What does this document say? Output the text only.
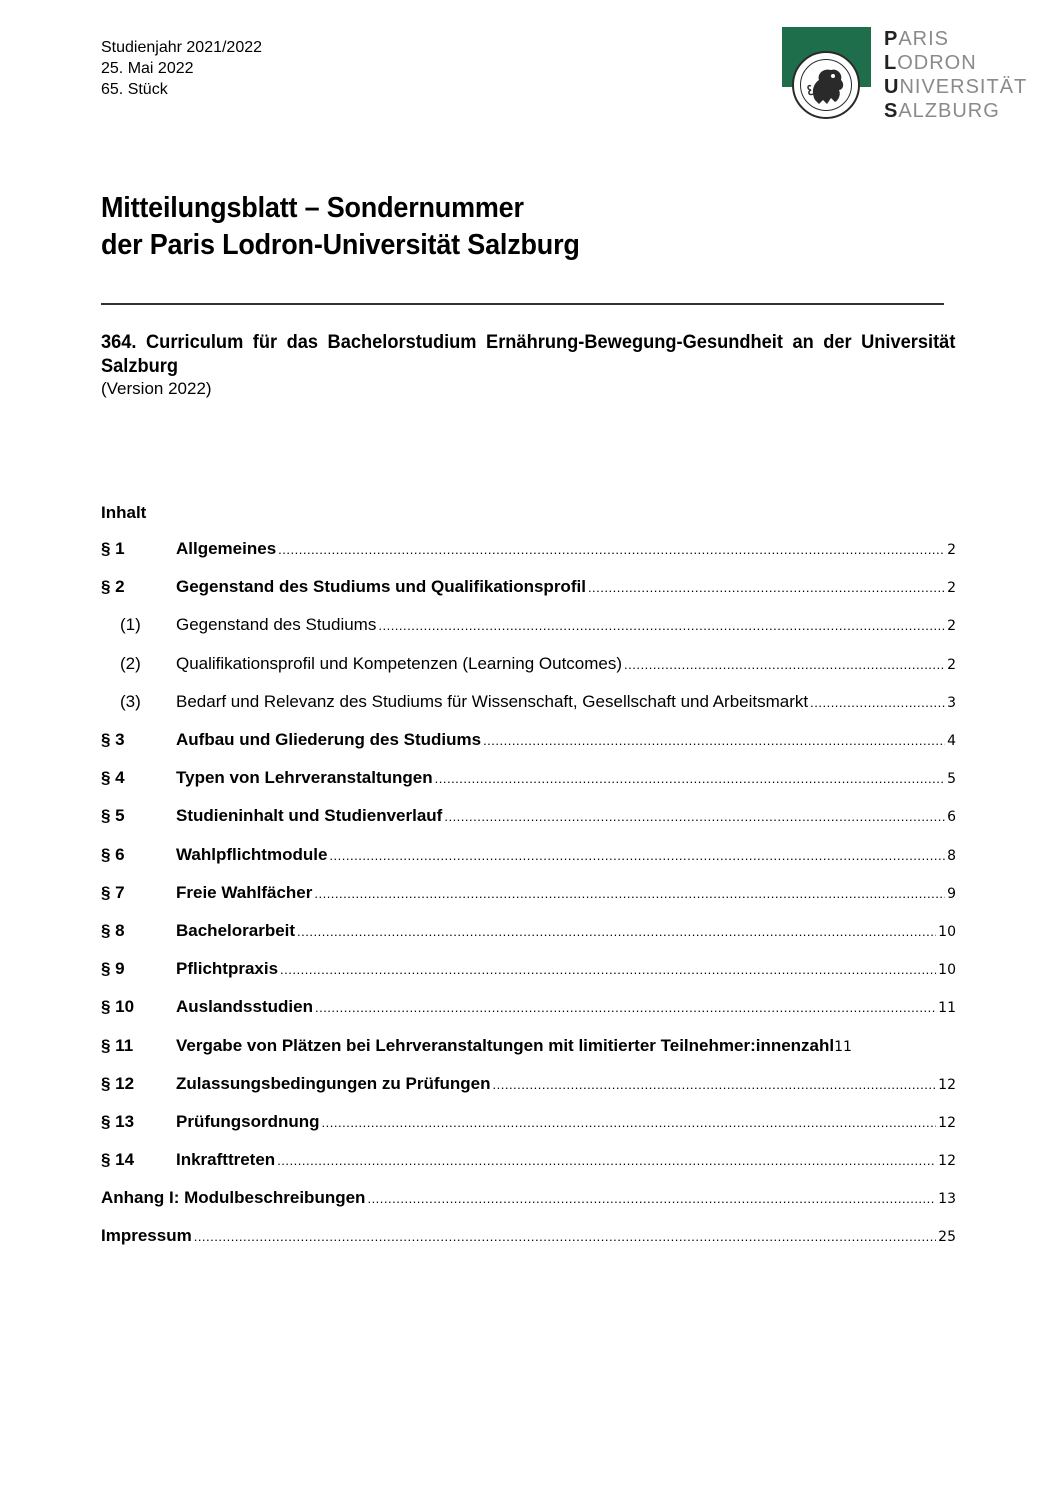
Studienjahr 2021/2022
25. Mai 2022
65. Stück
PARIS
LODRON
UNIVERSITÄT
SALZBURG
Mitteilungsblatt – Sondernummer
der Paris Lodron-Universität Salzburg
364. Curriculum für das Bachelorstudium Ernährung-Bewegung-Gesundheit an der Universität Salzburg
(Version 2022)
Inhalt
§ 1	Allgemeines .....	2
§ 2	Gegenstand des Studiums und Qualifikationsprofil .....	2
(1)	Gegenstand des Studiums .....	2
(2)	Qualifikationsprofil und Kompetenzen (Learning Outcomes) .....	2
(3)	Bedarf und Relevanz des Studiums für Wissenschaft, Gesellschaft und Arbeitsmarkt .....	3
§ 3	Aufbau und Gliederung des Studiums .....	4
§ 4	Typen von Lehrveranstaltungen .....	5
§ 5	Studieninhalt und Studienverlauf .....	6
§ 6	Wahlpflichtmodule .....	8
§ 7	Freie Wahlfächer .....	9
§ 8	Bachelorarbeit .....	10
§ 9	Pflichtpraxis .....	10
§ 10	Auslandsstudien .....	11
§ 11	Vergabe von Plätzen bei Lehrveranstaltungen mit limitierter Teilnehmer:innenzahl 11
§ 12	Zulassungsbedingungen zu Prüfungen .....	12
§ 13	Prüfungsordnung .....	12
§ 14	Inkrafttreten .....	12
Anhang I: Modulbeschreibungen .....	13
Impressum .....	25
